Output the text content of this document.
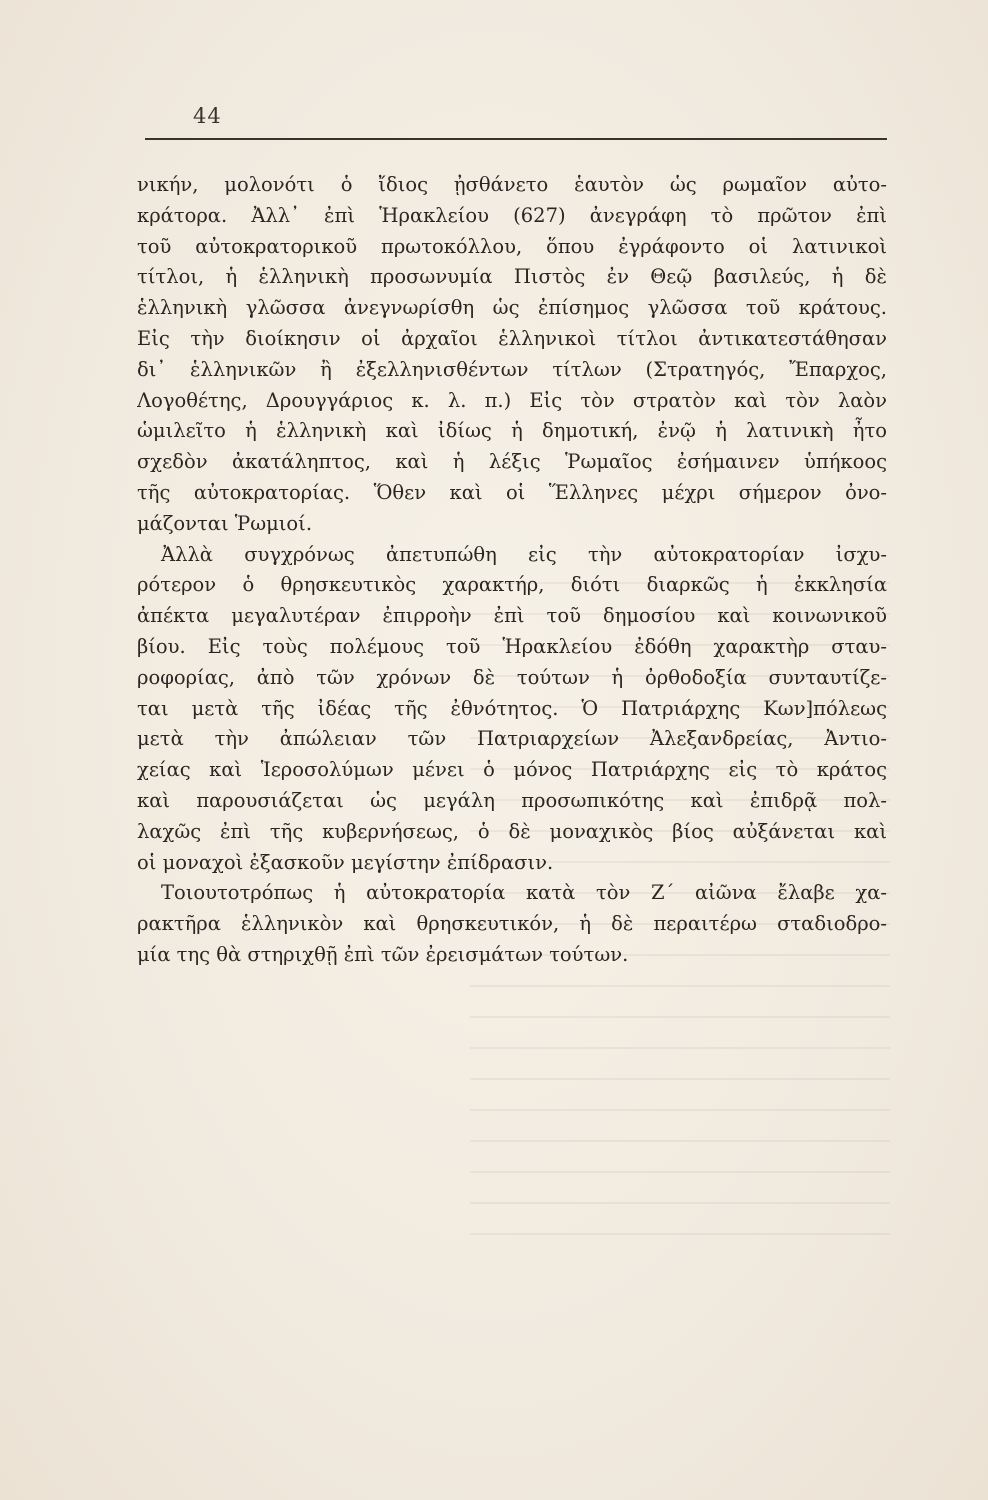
44
νικήν, μολονότι ὁ ἴδιος ᾐσθάνετο ἑαυτὸν ὡς ρωμαῖον αὐτο-
κράτορα. Ἀλλ᾽ ἐπὶ Ἡρακλείου (627) ἀνεγράφη τὸ πρῶτον ἐπὶ
τοῦ αὐτοκρατορικοῦ πρωτοκόλλου, ὅπου ἐγράφοντο οἱ λατινικοὶ
τίτλοι, ἡ ἑλληνικὴ προσωνυμία Πιστὸς ἐν Θεῷ βασιλεύς, ἡ δὲ
ἑλληνικὴ γλῶσσα ἀνεγνωρίσθη ὡς ἐπίσημος γλῶσσα τοῦ κράτους.
Εἰς τὴν διοίκησιν οἱ ἀρχαῖοι ἑλληνικοὶ τίτλοι ἀντικατεστάθησαν
δι᾽ ἑλληνικῶν ἢ ἐξελληνισθέντων τίτλων (Στρατηγός, Ἔπαρχος,
Λογοθέτης, Δρουγγάριος κ. λ. π.) Εἰς τὸν στρατὸν καὶ τὸν λαὸν
ὡμιλεῖτο ἡ ἑλληνικὴ καὶ ἰδίως ἡ δημοτική, ἐνῷ ἡ λατινικὴ ἦτο
σχεδὸν ἀκατάληπτος, καὶ ἡ λέξις Ῥωμαῖος ἐσήμαινεν ὑπήκοος
τῆς αὐτοκρατορίας. Ὅθεν καὶ οἱ Ἕλληνες μέχρι σήμερον ὀνο-
μάζονται Ῥωμιοί.
Ἀλλὰ συγχρόνως ἀπετυπώθη εἰς τὴν αὐτοκρατορίαν ἰσχυ-
ρότερον ὁ θρησκευτικὸς χαρακτήρ, διότι διαρκῶς ἡ ἐκκλησία
ἀπέκτα μεγαλυτέραν ἐπιρροὴν ἐπὶ τοῦ δημοσίου καὶ κοινωνικοῦ
βίου. Εἰς τοὺς πολέμους τοῦ Ἡρακλείου ἐδόθη χαρακτὴρ σταυ-
ροφορίας, ἀπὸ τῶν χρόνων δὲ τούτων ἡ ὀρθοδοξία συνταυτίζε-
ται μετὰ τῆς ἰδέας τῆς ἐθνότητος. Ὁ Πατριάρχης Κων]πόλεως
μετὰ τὴν ἀπώλειαν τῶν Πατριαρχείων Ἀλεξανδρείας, Ἀντιο-
χείας καὶ Ἱεροσολύμων μένει ὁ μόνος Πατριάρχης εἰς τὸ κράτος
καὶ παρουσιάζεται ὡς μεγάλη προσωπικότης καὶ ἐπιδρᾷ πολ-
λαχῶς ἐπὶ τῆς κυβερνήσεως, ὁ δὲ μοναχικὸς βίος αὐξάνεται καὶ
οἱ μοναχοὶ ἐξασκοῦν μεγίστην ἐπίδρασιν.
Τοιουτοτρόπως ἡ αὐτοκρατορία κατὰ τὸν Ζ´ αἰῶνα ἔλαβε χα-
ρακτῆρα ἑλληνικὸν καὶ θρησκευτικόν, ἡ δὲ περαιτέρω σταδιοδρο-
μία της θὰ στηριχθῇ ἐπὶ τῶν ἐρεισμάτων τούτων.
